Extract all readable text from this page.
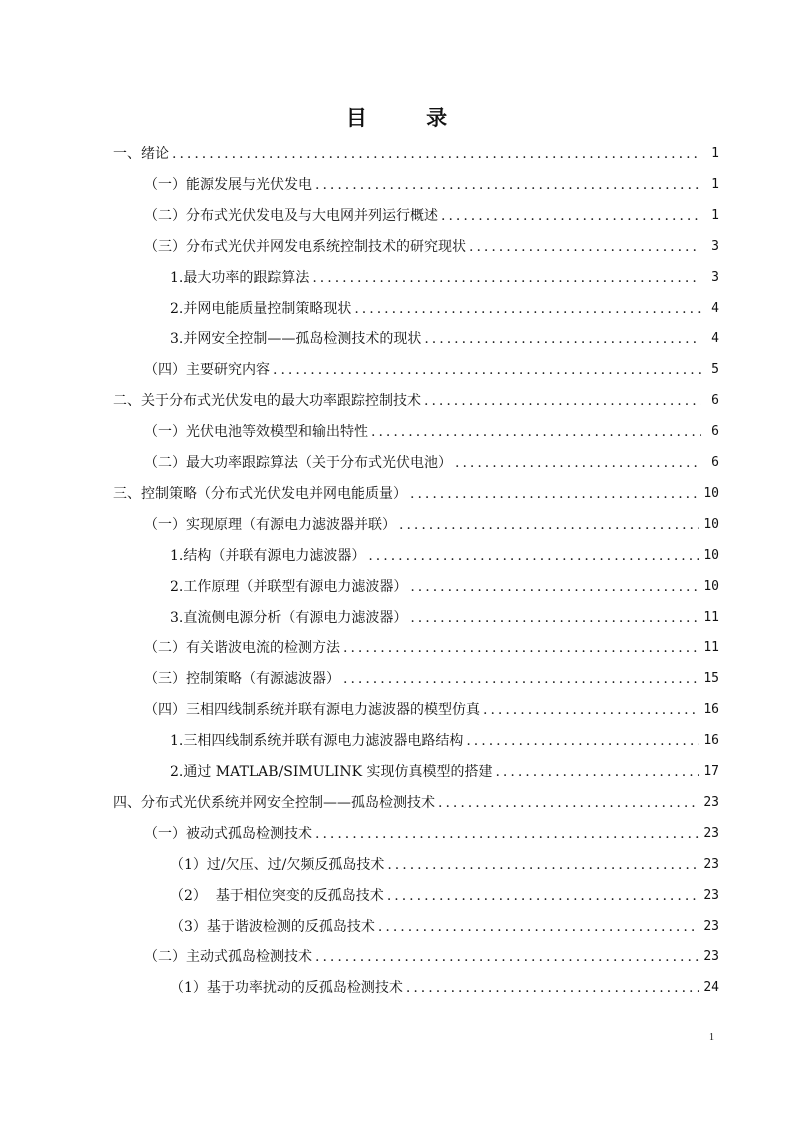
目 录
一、绪论 .....	1
（一）能源发展与光伏发电 .....	1
（二）分布式光伏发电及与大电网并列运行概述 .....	1
（三）分布式光伏并网发电系统控制技术的研究现状 .....	3
1.最大功率的跟踪算法 .....	3
2.并网电能质量控制策略现状 .....	4
3.并网安全控制——孤岛检测技术的现状 .....	4
（四）主要研究内容 .....	5
二、关于分布式光伏发电的最大功率跟踪控制技术 .....	6
（一）光伏电池等效模型和输出特性 .....	6
（二）最大功率跟踪算法（关于分布式光伏电池） .....	6
三、控制策略（分布式光伏发电并网电能质量） .....	10
（一）实现原理（有源电力滤波器并联） .....	10
1.结构（并联有源电力滤波器） .....	10
2.工作原理（并联型有源电力滤波器） .....	10
3.直流侧电源分析（有源电力滤波器） .....	11
（二）有关谐波电流的检测方法 .....	11
（三）控制策略（有源滤波器） .....	15
（四）三相四线制系统并联有源电力滤波器的模型仿真 .....	16
1.三相四线制系统并联有源电力滤波器电路结构 .....	16
2.通过 MATLAB/SIMULINK 实现仿真模型的搭建 .....	17
四、分布式光伏系统并网安全控制——孤岛检测技术 .....	23
（一）被动式孤岛检测技术 .....	23
（1）过/欠压、过/欠频反孤岛技术 .....	23
（2）  基于相位突变的反孤岛技术 .....	23
（3）基于谐波检测的反孤岛技术 .....	23
（二）主动式孤岛检测技术 .....	23
（1）基于功率扰动的反孤岛检测技术 .....	24
1
